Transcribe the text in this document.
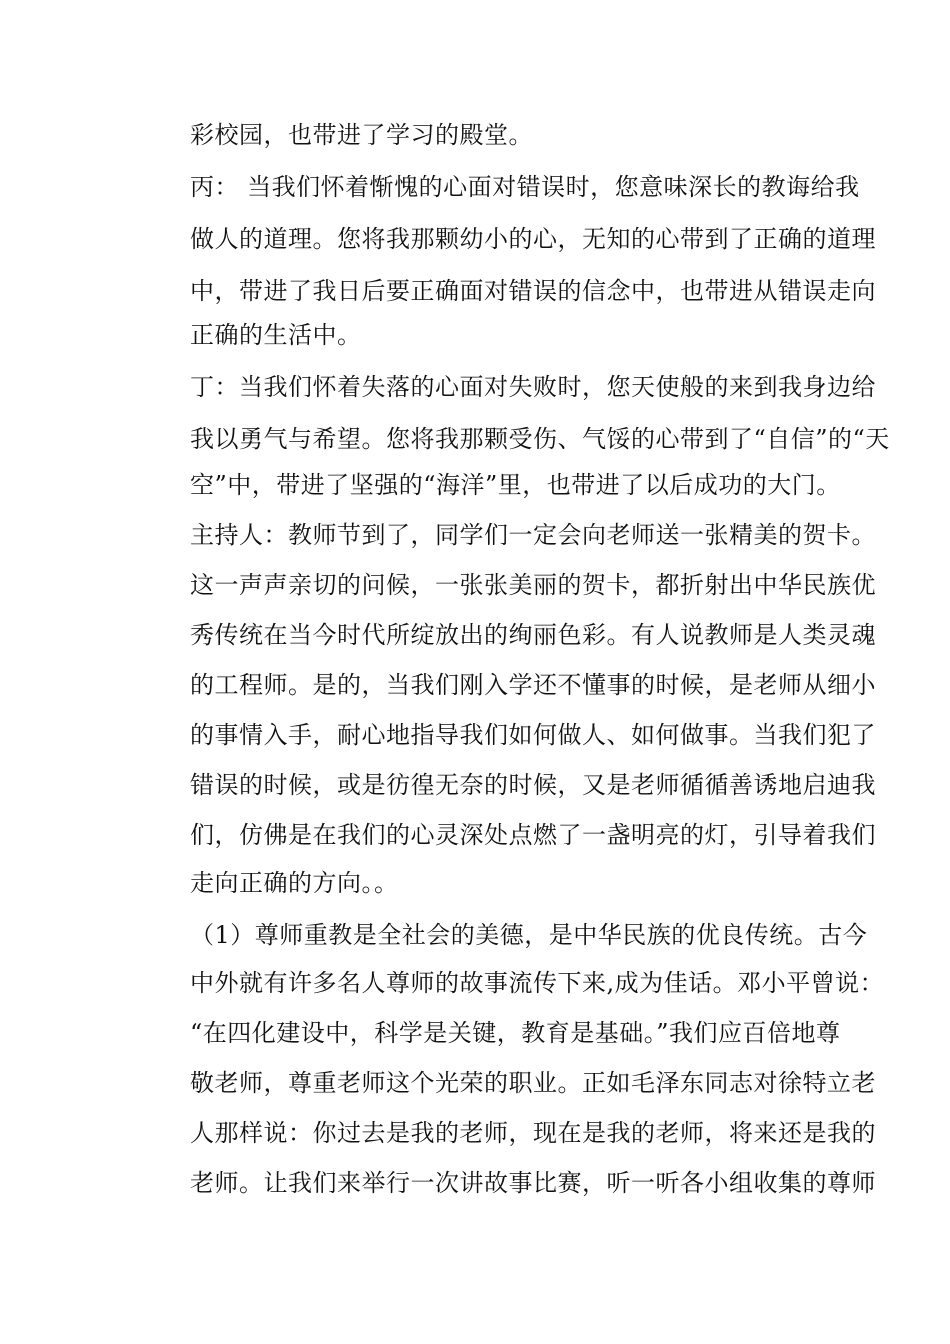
彩校园，也带进了学习的殿堂。
丙： 当我们怀着惭愧的心面对错误时，您意味深长的教诲给我
做人的道理。您将我那颗幼小的心，无知的心带到了正确的道理
中，带进了我日后要正确面对错误的信念中，也带进从错误走向
正确的生活中。
丁：当我们怀着失落的心面对失败时，您天使般的来到我身边给
我以勇气与希望。您将我那颗受伤、气馁的心带到了“自信”的“天
空”中，带进了坚强的“海洋”里，也带进了以后成功的大门。
主持人：教师节到了，同学们一定会向老师送一张精美的贺卡。
这一声声亲切的问候，一张张美丽的贺卡，都折射出中华民族优
秀传统在当今时代所绽放出的绚丽色彩。有人说教师是人类灵魂
的工程师。是的，当我们刚入学还不懂事的时候，是老师从细小
的事情入手，耐心地指导我们如何做人、如何做事。当我们犯了
错误的时候，或是彷徨无奈的时候，又是老师循循善诱地启迪我
们，仿佛是在我们的心灵深处点燃了一盏明亮的灯，引导着我们
走向正确的方向。。
（1）尊师重教是全社会的美德，是中华民族的优良传统。古今
中外就有许多名人尊师的故事流传下来,成为佳话。邓小平曾说：
“在四化建设中，科学是关键，教育是基础。”我们应百倍地尊
敬老师，尊重老师这个光荣的职业。正如毛泽东同志对徐特立老
人那样说：你过去是我的老师，现在是我的老师，将来还是我的
老师。让我们来举行一次讲故事比赛，听一听各小组收集的尊师
